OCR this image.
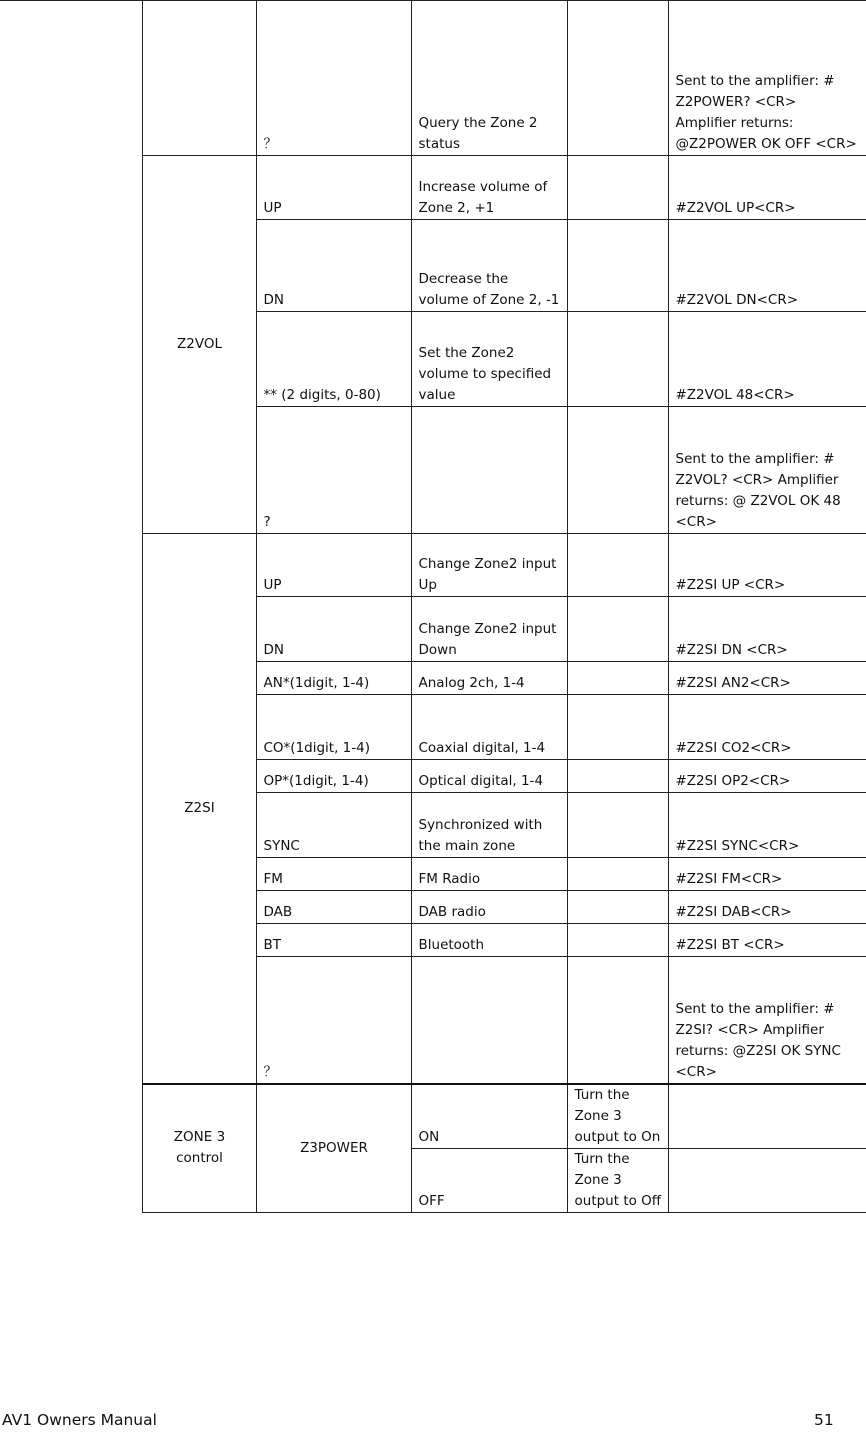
		？	Query the Zone 2 status		Sent to the amplifier: # Z2POWER? <CR> Amplifier returns: @Z2POWER OK OFF <CR>	
	Z2VOL	UP	Increase volume of Zone 2, +1		#Z2VOL UP<CR>	
		DN	Decrease the volume of Zone 2, -1		#Z2VOL DN<CR>	
		** (2 digits, 0-80)	Set the Zone2 volume to specified value		#Z2VOL 48<CR>	
		?			Sent to the amplifier: # Z2VOL? <CR> Amplifier returns: @ Z2VOL OK 48 <CR>	
	Z2SI	UP	Change Zone2 input Up		#Z2SI UP <CR>	
		DN	Change Zone2 input Down		#Z2SI DN <CR>	
		AN*(1digit, 1-4)	Analog 2ch, 1-4		#Z2SI AN2<CR>	
		CO*(1digit, 1-4)	Coaxial digital, 1-4		#Z2SI CO2<CR>	
		OP*(1digit, 1-4)	Optical digital, 1-4		#Z2SI OP2<CR>	
		SYNC	Synchronized with the main zone		#Z2SI SYNC<CR>	
		FM	FM Radio		#Z2SI FM<CR>	
		DAB	DAB radio		#Z2SI DAB<CR>	
		BT	Bluetooth		#Z2SI BT <CR>	
		？			Sent to the amplifier: # Z2SI? <CR> Amplifier returns: @Z2SI OK SYNC <CR>	
	ZONE 3 control	Z3POWER	ON	Turn the Zone 3 output to On		
			OFF	Turn the Zone 3 output to Off		
AV1 Owners Manual	51
